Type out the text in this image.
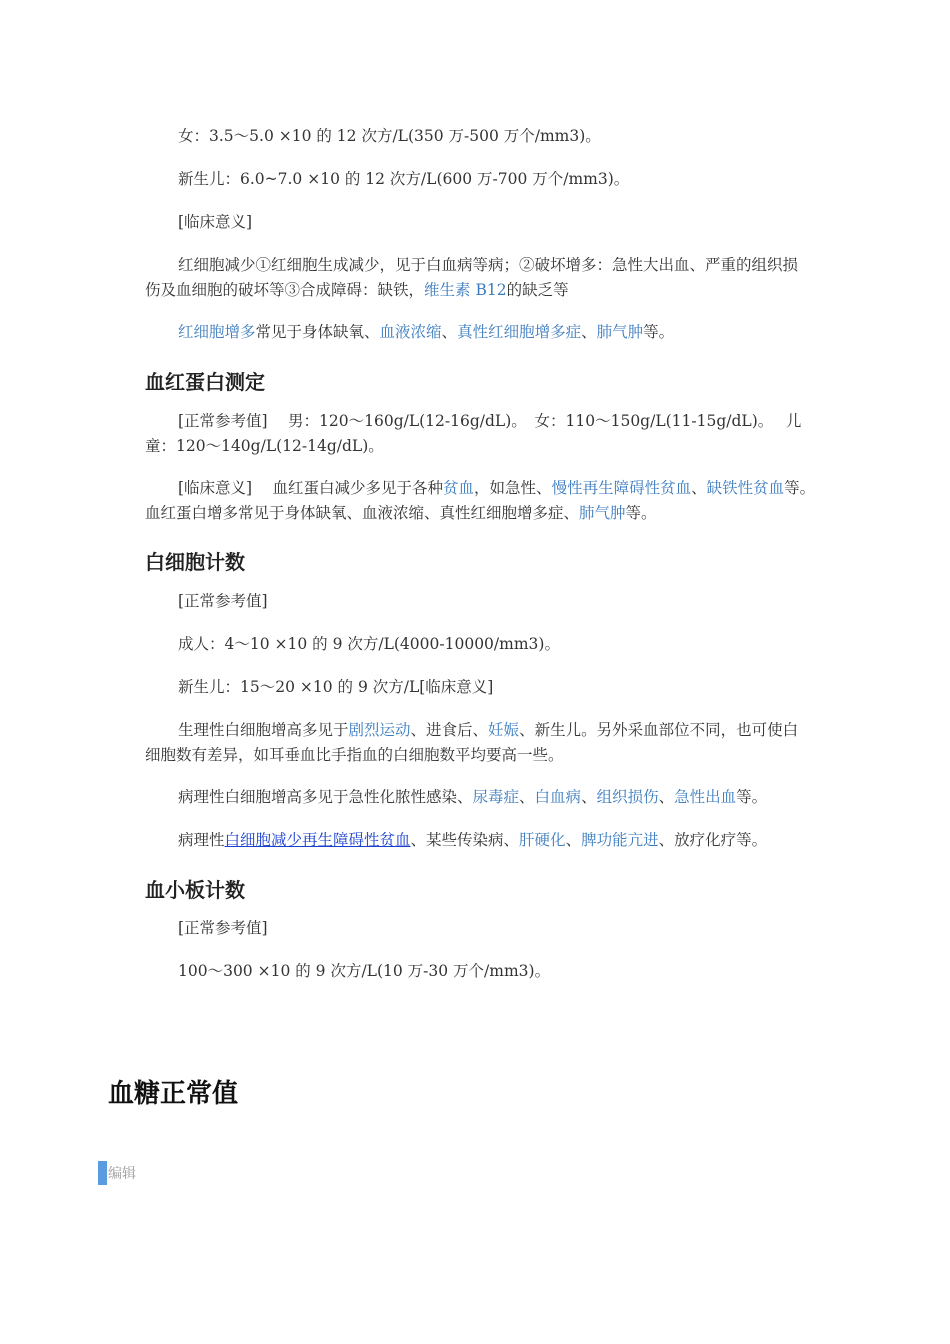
女：3.5～5.0 ×10 的 12 次方/L(350 万-500 万个/mm3)。

新生儿：6.0~7.0 ×10 的 12 次方/L(600 万-700 万个/mm3)。

[临床意义]

红细胞减少①红细胞生成减少，见于白血病等病；②破坏增多：急性大出血、严重的组织损伤及血细胞的破坏等③合成障碍：缺铁，维生素 B12的缺乏等

红细胞增多常见于身体缺氧、血液浓缩、真性红细胞增多症、肺气肿等。

血红蛋白测定

[正常参考值]　 男：120～160g/L(12-16g/dL)。　女：110～150g/L(11-15g/dL)。　 儿童：120～140g/L(12-14g/dL)。

[临床意义]　 血红蛋白减少多见于各种贫血，如急性、慢性再生障碍性贫血、缺铁性贫血等。　血红蛋白增多常见于身体缺氧、血液浓缩、真性红细胞增多症、肺气肿等。

白细胞计数

[正常参考值]

成人：4～10 ×10 的 9 次方/L(4000-10000/mm3)。

新生儿：15～20 ×10 的 9 次方/L[临床意义]

生理性白细胞增高多见于剧烈运动、进食后、妊娠、新生儿。另外采血部位不同，也可使白细胞数有差异，如耳垂血比手指血的白细胞数平均要高一些。

病理性白细胞增高多见于急性化脓性感染、尿毒症、白血病、组织损伤、急性出血等。

病理性白细胞减少再生障碍性贫血、某些传染病、肝硬化、脾功能亢进、放疗化疗等。

血小板计数

[正常参考值]

100～300 ×10 的 9 次方/L(10 万-30 万个/mm3)。

血糖正常值
编辑
